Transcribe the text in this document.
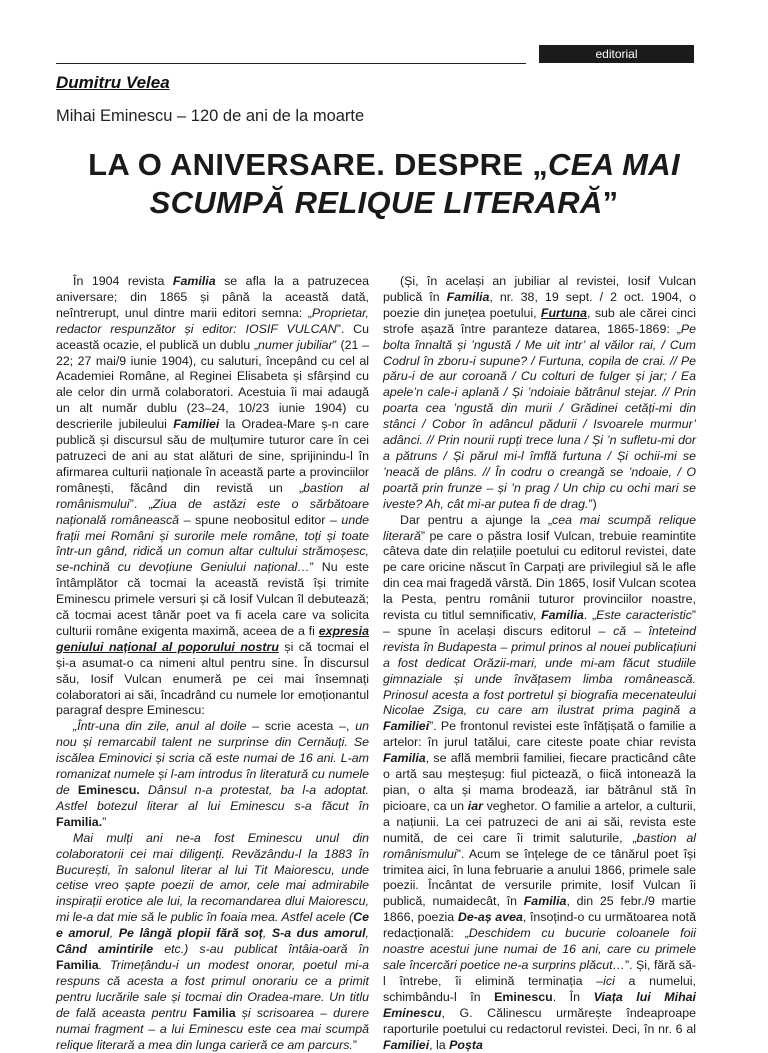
editorial
Dumitru Velea
Mihai Eminescu – 120 de ani de la moarte
LA O ANIVERSARE. DESPRE „CEA MAI SCUMPĂ RELIQUE LITERARĂ”

În 1904 revista Familia se afla la a patruzecea aniversare; din 1865 și până la această dată, neîntrerupt, unul dintre marii editori semna: „Proprietar, redactor respunzător și editor: IOSIF VULCAN”. Cu această ocazie, el publică un dublu „numer jubiliar” (21 – 22; 27 mai/9 iunie 1904), cu saluturi, începând cu cel al Academiei Române, al Reginei Elisabeta și sfârșind cu ale celor din urmă colaboratori. Acestuia îi mai adaugă un alt număr dublu (23–24, 10/23 iunie 1904) cu descrierile jubileului Familiei la Oradea-Mare ș-n care publică și discursul său de mulțumire tuturor care în cei patruzeci de ani au stat alături de sine, sprijinindu-l în afirmarea culturii naționale în această parte a provinciilor românești, făcând din revistă un „bastion al românismului”. „Ziua de astăzi este o sărbătoare națională românească – spune neobositul editor – unde frații mei Români și surorile mele române, toți și toate într-un gând, ridică un comun altar cultului strămoșesc, se-nchină cu devoțiune Geniului național…” Nu este întâmplător că tocmai la această revistă își trimite Eminescu primele versuri și că Iosif Vulcan îl debutează; că tocmai acest tânăr poet va fi acela care va solicita culturii române exigenta maximă, aceea de a fi expresia geniului național al poporului nostru și că tocmai el și-a asumat-o ca nimeni altul pentru sine. În discursul său, Iosif Vulcan enumeră pe cei mai însemnați colaboratori ai săi, încadrând cu numele lor emoționantul paragraf despre Eminescu:

„Într-una din zile, anul al doile – scrie acesta –, un nou și remarcabil talent ne surprinse din Cernăuți. Se iscălea Eminovici și scria că este numai de 16 ani. L-am romanizat numele și l-am introdus în literatură cu numele de Eminescu. Dânsul n-a protestat, ba l-a adoptat. Astfel botezul literar al lui Eminescu s-a făcut în Familia.”

Mai mulți ani ne-a fost Eminescu unul din colaboratorii cei mai diligenți. Revăzându-l la 1883 în București, în salonul literar al lui Tit Maiorescu, unde cetise vreo șapte poezii de amor, cele mai admirabile inspirații erotice ale lui, la recomandarea dlui Maiorescu, mi le-a dat mie să le public în foaia mea. Astfel acele (Ce e amorul, Pe lângă plopii fără soț, S-a dus amorul, Când amintirile etc.) s-au publicat întâia-oară în Familia. Trimețându-i un modest onorar, poetul mi-a respuns că acesta a fost primul onorariu ce a primit pentru lucrările sale și tocmai din Oradea-mare. Un titlu de fală aceasta pentru Familia și scrisoarea – durere numai fragment – a lui Eminescu este cea mai scumpă relique literară a mea din lunga carieră ce am parcurs.”

(Și, în același an jubiliar al revistei, Iosif Vulcan publică în Familia, nr. 38, 19 sept. / 2 oct. 1904, o poezie din junețea poetului, Furtuna, sub ale cărei cinci strofe așază între paranteze datarea, 1865-1869: „Pe bolta înnaltă și ’ngustă / Me uit intr’ al văilor rai, / Cum Codrul în zboru-i supune? / Furtuna, copila de crai. // Pe păru-i de aur coroană / Cu colturi de fulger și jar; / Ea apele’n cale-i aplană / Și ’ndoiaie bătrânul stejar. // Prin poarta cea ’ngustă din murii / Grădinei cetăți-mi din stânci / Cobor în adâncul pădurii / Isvoarele murmur’ adânci. // Prin nourii rupți trece luna / Și ’n sufletu-mi dor a pătruns / Și părul mi-l îmflă furtuna / Și ochii-mi se ’neacă de plâns. // În codru o creangă se ’ndoaie, / O poartă prin frunze – și ’n prag / Un chip cu ochi mari se iveste? Ah, cât mi-ar putea fi de drag.”)

Dar pentru a ajunge la „cea mai scumpă relique literară” pe care o păstra Iosif Vulcan, trebuie reamintite câteva date din relațiile poetului cu editorul revistei, date pe care oricine născut în Carpați are privilegiul să le afle din cea mai fragedă vârstă. Din 1865, Iosif Vulcan scotea la Pesta, pentru românii tuturor provinciilor noastre, revista cu titlul semnificativ, Familia. „Este caracteristic” – spune în același discurs editorul – că – înteteind revista în Budapesta – primul prinos al nouei publicațiuni a fost dedicat Orăzii-mari, unde mi-am făcut studiile gimnaziale și unde învățasem limba românească. Prinosul acesta a fost portretul și biografia mecenateului Nicolae Zsiga, cu care am ilustrat prima pagină a Familiei”. Pe frontonul revistei este înfățișată o familie a artelor: în jurul tatălui, care citeste poate chiar revista Familia, se află membrii familiei, fiecare practicând câte o artă sau meșteșug: fiul pictează, o fiică intonează la pian, o alta și mama brodează, iar bătrânul stă în picioare, ca un iar veghetor. O familie a artelor, a culturii, a națiunii. La cei patruzeci de ani ai săi, revista este numită, de cei care îi trimit saluturile, „bastion al românismului”. Acum se înțelege de ce tânărul poet își trimitea aici, în luna februarie a anului 1866, primele sale poezii. Încântat de versurile primite, Iosif Vulcan îi publică, numaidecât, în Familia, din 25 febr./9 martie 1866, poezia De-aș avea, însoțind-o cu următoarea notă redacțională: „Deschidem cu bucurie coloanele foii noastre acestui june numai de 16 ani, care cu primele sale încercări poetice ne-a surprins plăcut…”. Și, fără să-l întrebe, îi elimină terminația –ici a numelui, schimbându-l în Eminescu. În Viața lui Mihai Eminescu, G. Călinescu urmărește îndeaproape raporturile poetului cu redactorul revistei. Deci, în nr. 6 al Familiei, la Poșta
